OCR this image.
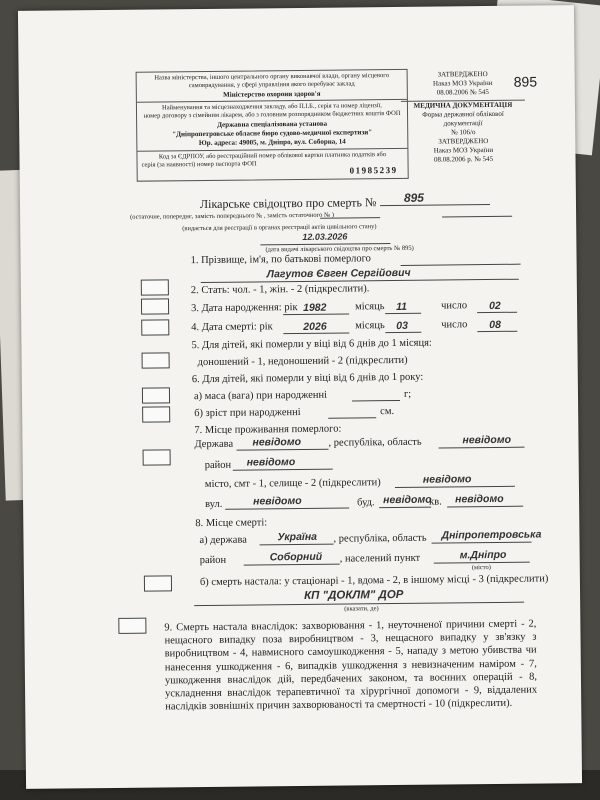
Назва міністерства, іншого центрального органу виконавчої влади, органу місцевого
самоврядування, у сфері управління якого перебуває заклад
Міністерство охорони здоров'я
Найменування та місцезнаходження закладу, або П.І.Б., серія та номер ліцензії,
номер договору з сімейним лікарем, або з головним розпорядником бюджетних коштів ФОП
Державна спеціалізована установа
"Дніпропетровське обласне бюро судово-медичної експертизи"
Юр. адреса: 49005, м. Дніпро, вул. Соборна, 14
Код за ЄДРПОУ, або реєстраційний номер облікової картки платника податків або
серія (за наявності) номер паспорта ФОП
01985239
ЗАТВЕРДЖЕНО
Наказ МОЗ України
08.08.2006 № 545
МЕДИЧНА ДОКУМЕНТАЦІЯ
Форма державної облікової
документації
№ 106/о
ЗАТВЕРДЖЕНО
Наказ МОЗ України
08.08.2006 р. № 545
895
Лікарське свідоцтво про смерть № 895
(остаточне, попереднє, замість попереднього № , замість остаточного № )
(видається для реєстрації в органах реєстрації актів цивільного стану)
12.03.2026
(дата видачі лікарського свідоцтва про смерть № 895)
1. Прізвище, ім'я, по батькові померлого
Лагутов Євген Сергійович
2. Стать: чол. - 1, жін. - 2 (підкреслити).
3. Дата народження: рік 1982	місяць 11	число 02
4. Дата смерті: рік	2026	місяць 03	число 08
5. Для дітей, які померли у віці від 6 днів до 1 місяця:
доношений - 1, недоношений - 2 (підкреслити)
6. Для дітей, які померли у віці від 6 днів до 1 року:
а) маса (вага) при народженні	г;
б) зріст при народженні	см.
7. Місце проживання померлого:
Держава невідомо	, республіка, область	невідомо
район невідомо
місто, смт - 1, селище - 2 (підкреслити)	невідомо
вул.	невідомо	буд. невідомо
кв. невідомо
8. Місце смерті:
а) держава	Україна , республіка, область Дніпропетровська
район	Соборний , населений пункт	м.Дніпро
(місто)
б) смерть настала: у стаціонарі - 1, вдома - 2, в іншому місці - 3 (підкреслити)
КП "ДОКЛМ" ДОР
(вказати, де)
9. Смерть настала внаслідок: захворювання - 1, неуточненої причини смерті - 2, нещасного випадку поза виробництвом - 3, нещасного випадку у зв'язку з виробництвом - 4, навмисного самоушкодження - 5, нападу з метою убивства чи нанесення ушкодження - 6, випадків ушкодження з невизначеним наміром - 7, ушкодження внаслідок дій, передбачених законом, та воєнних операцій - 8, ускладнення внаслідок терапевтичної та хірургічної допомоги - 9, віддалених наслідків зовнішніх причин захворюваності та смертності - 10 (підкреслити).
